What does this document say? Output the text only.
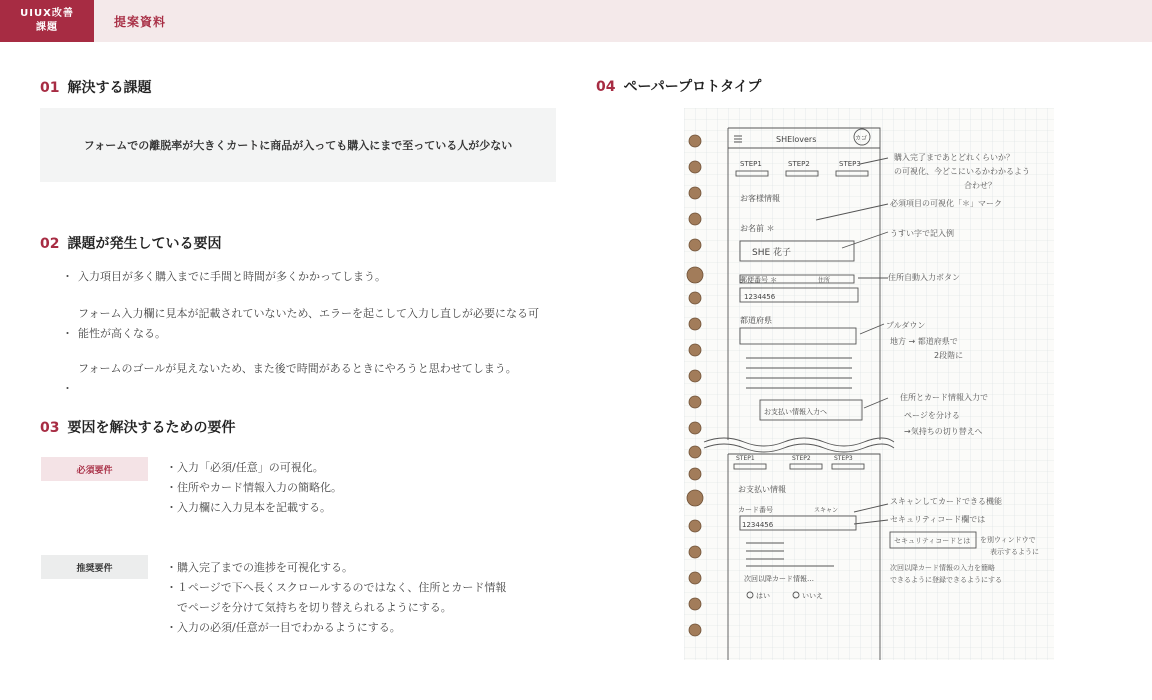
UIUX改善
課題	提案資料
01 解決する課題
フォームでの離脱率が大きくカートに商品が入っても購入にまで至っている人が少ない
02 課題が発生している要因
・ 入力項目が多く購入までに手間と時間が多くかかってしまう。
フォーム入力欄に見本が記載されていないため、エラーを起こして入力し直しが必要になる可
・ 能性が高くなる。
フォームのゴールが見えないため、また後で時間があるときにやろうと思わせてしまう。
・
03 要因を解決するための要件
必須要件	・入力「必須/任意」の可視化。
・住所やカード情報入力の簡略化。
・入力欄に入力見本を記載する。
推奨要件	・購入完了までの進捗を可視化する。
・１ページで下へ長くスクロールするのではなく、住所とカード情報
　でページを分けて気持ちを切り替えられるようにする。
・入力の必須/任意が一目でわかるようにする。
04 ペーパープロトタイプ
SHElovers	カゴ
STEP1	STEP2	STEP3
お客様情報
お名前 ＊
SHE 花子
郵便番号 ＊	住所
1234456
都道府県
お支払い情報入力へ
STEP1	STEP2	STEP3
お支払い情報
カード番号	スキャン
1234456
次回以降カード情報…
はい	いいえ
購入完了まであとどれくらいか？
の可視化、今どこにいるかわかるよう
合わせ？
必須項目の可視化「＊」マーク
うすい字で記入例
住所自動入力ボタン
プルダウン
地方 → 都道府県で
2段階に
住所とカード情報入力で
ページを分ける
→気持ちの切り替えへ
スキャンしてカードできる機能
セキュリティコード欄では
セキュリティコードとは を別ウィンドウで
表示するように
次回以降カード情報の入力を簡略
できるように登録できるようにする
